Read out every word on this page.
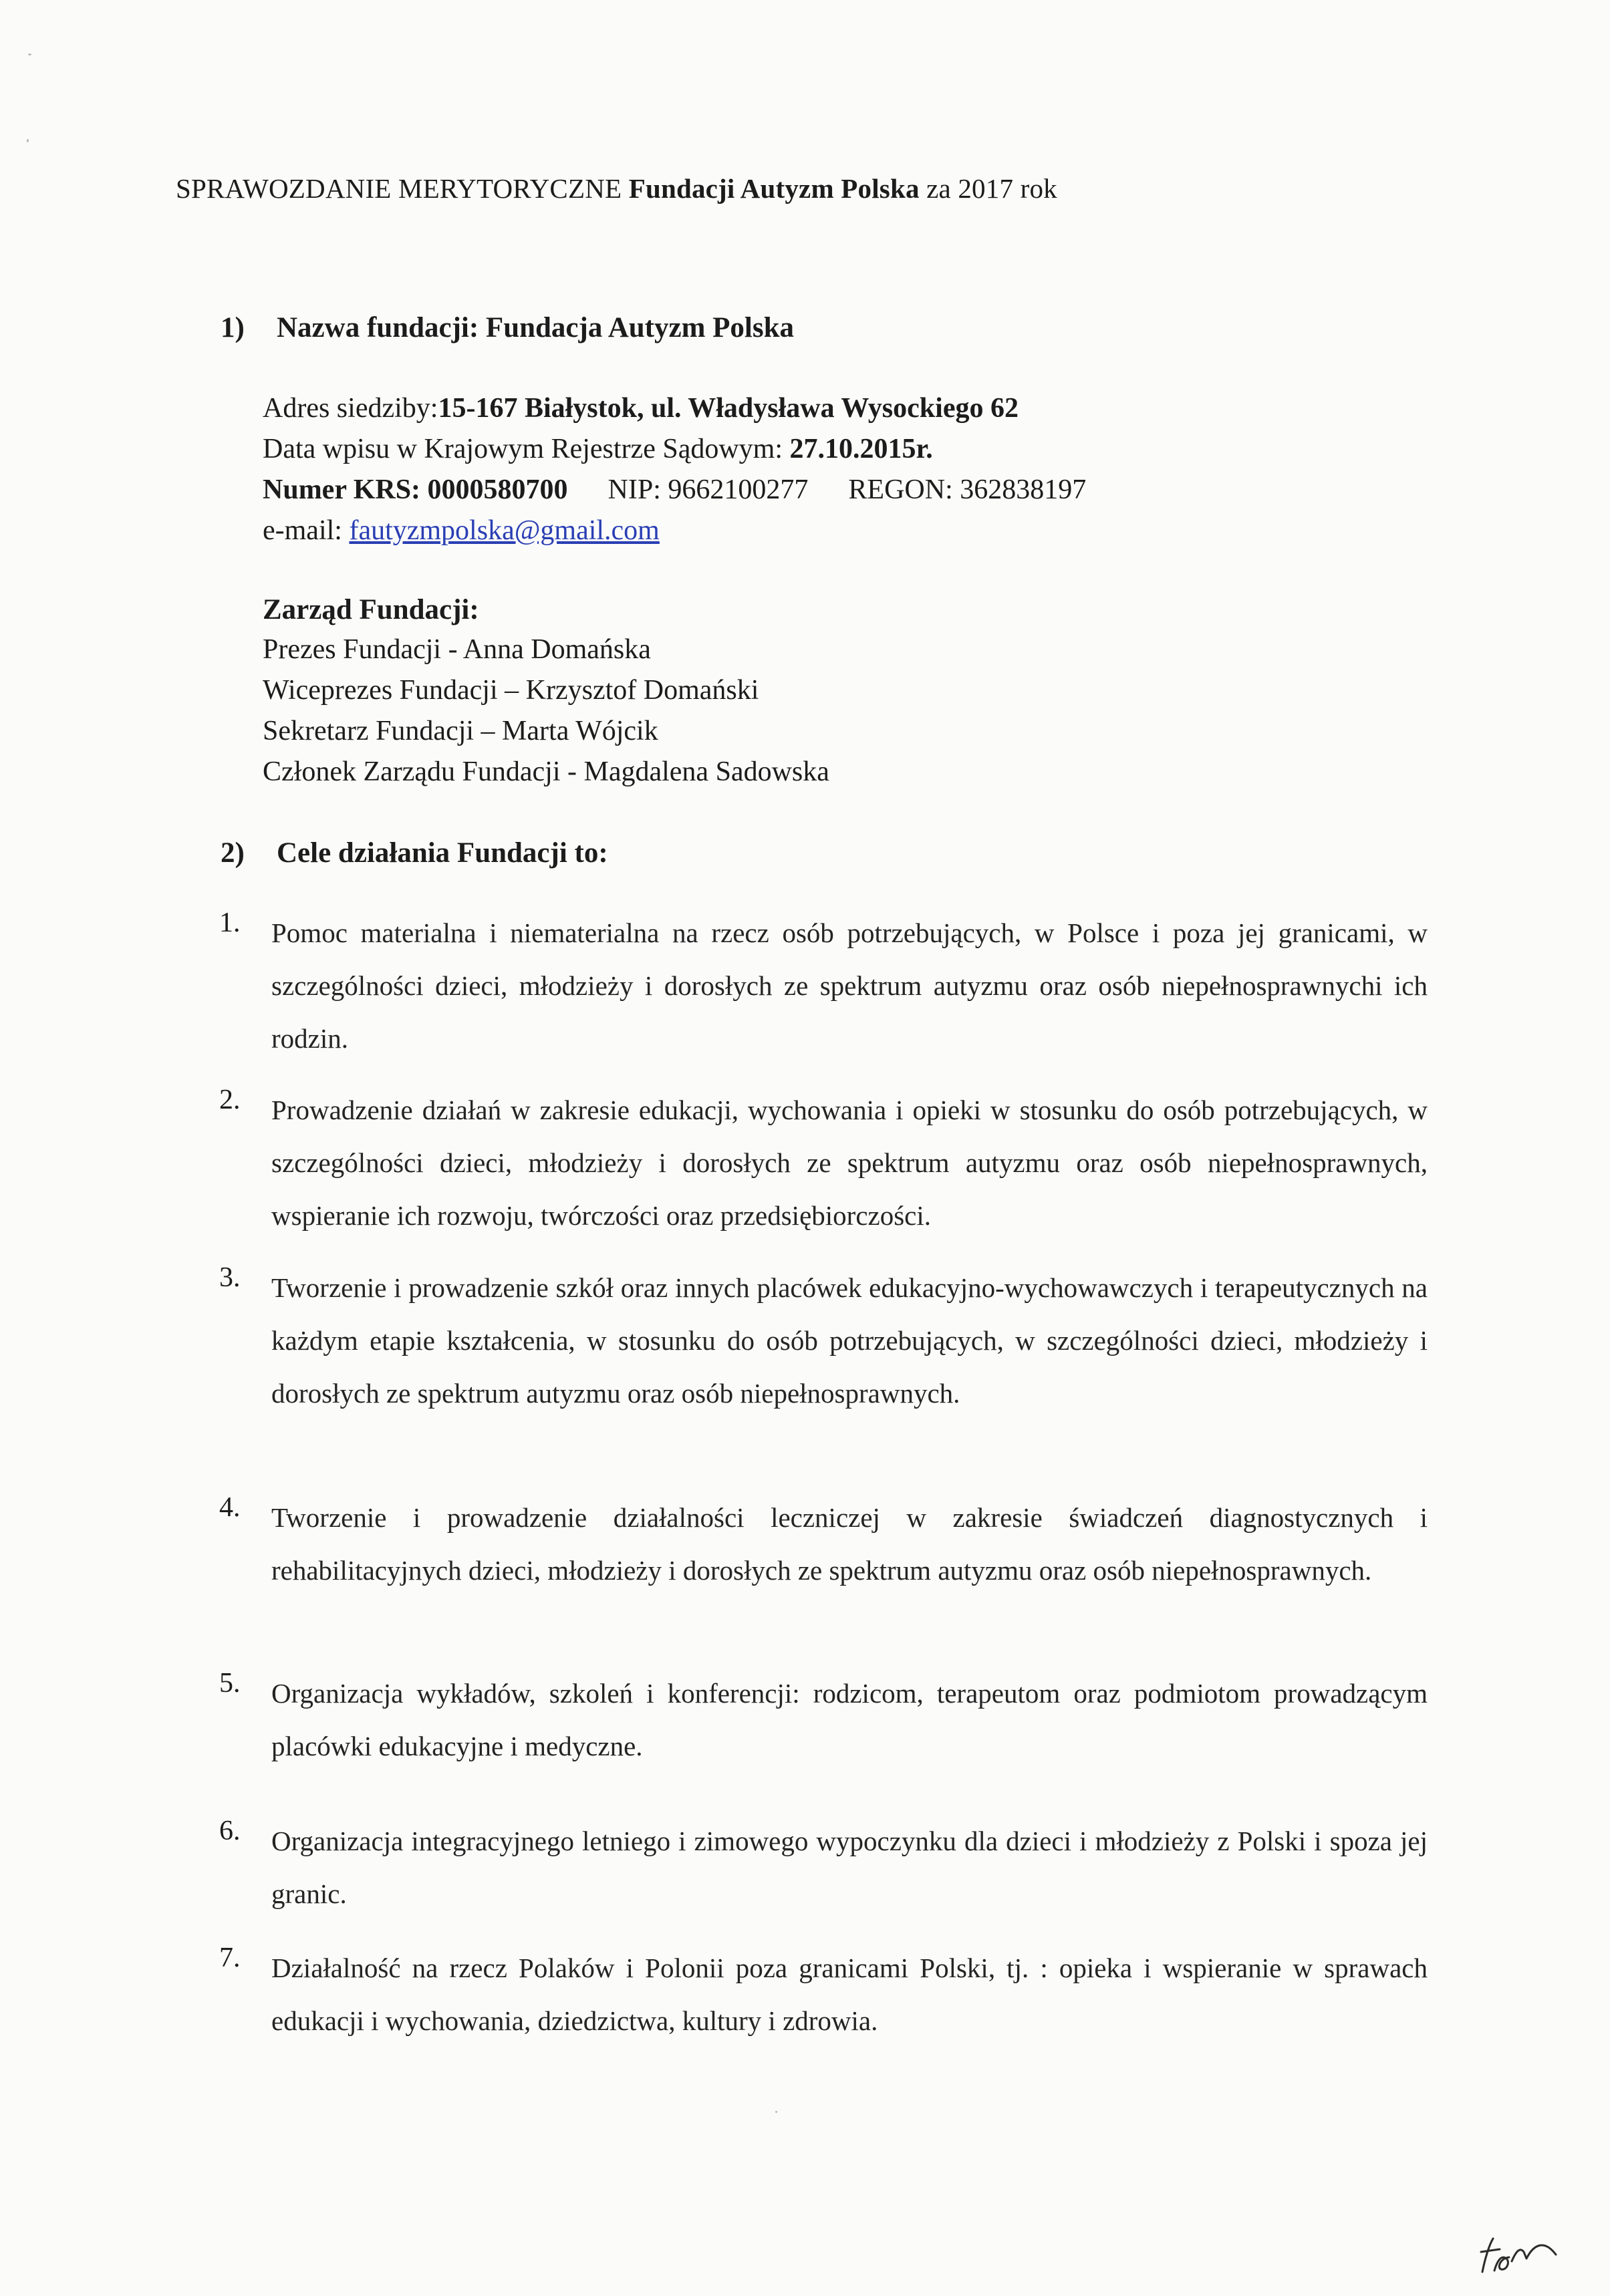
SPRAWOZDANIE MERYTORYCZNE Fundacji Autyzm Polska za 2017 rok
1) Nazwa fundacji: Fundacja Autyzm Polska
Adres siedziby:15-167 Białystok, ul. Władysława Wysockiego 62
Data wpisu w Krajowym Rejestrze Sądowym: 27.10.2015r.
Numer KRS: 0000580700 NIP: 9662100277 REGON: 362838197
e-mail: fautyzmpolska@gmail.com
Zarząd Fundacji:
Prezes Fundacji - Anna Domańska
Wiceprezes Fundacji – Krzysztof Domański
Sekretarz Fundacji – Marta Wójcik
Członek Zarządu Fundacji - Magdalena Sadowska
2) Cele działania Fundacji to:
1.	Pomoc materialna i niematerialna na rzecz osób potrzebujących, w Polsce i poza jej granicami, w szczególności dzieci, młodzieży i dorosłych ze spektrum autyzmu oraz osób niepełnosprawnychi ich rodzin.
2.	Prowadzenie działań w zakresie edukacji, wychowania i opieki w stosunku do osób potrzebujących, w szczególności dzieci, młodzieży i dorosłych ze spektrum autyzmu oraz osób niepełnosprawnych, wspieranie ich rozwoju, twórczości oraz przedsiębiorczości.
3.	Tworzenie i prowadzenie szkół oraz innych placówek edukacyjno-wychowawczych i terapeutycznych na każdym etapie kształcenia, w stosunku do osób potrzebujących, w szczególności dzieci, młodzieży i dorosłych ze spektrum autyzmu oraz osób niepełnosprawnych.
4.	Tworzenie i prowadzenie działalności leczniczej w zakresie świadczeń diagnostycznych i rehabilitacyjnych dzieci, młodzieży i dorosłych ze spektrum autyzmu oraz osób niepełnosprawnych.
5.	Organizacja wykładów, szkoleń i konferencji: rodzicom, terapeutom oraz podmiotom prowadzącym placówki edukacyjne i medyczne.
6.	Organizacja integracyjnego letniego i zimowego wypoczynku dla dzieci i młodzieży z Polski i spoza jej granic.
7.	Działalność na rzecz Polaków i Polonii poza granicami Polski, tj. : opieka i wspieranie w sprawach edukacji i wychowania, dziedzictwa, kultury i zdrowia.
